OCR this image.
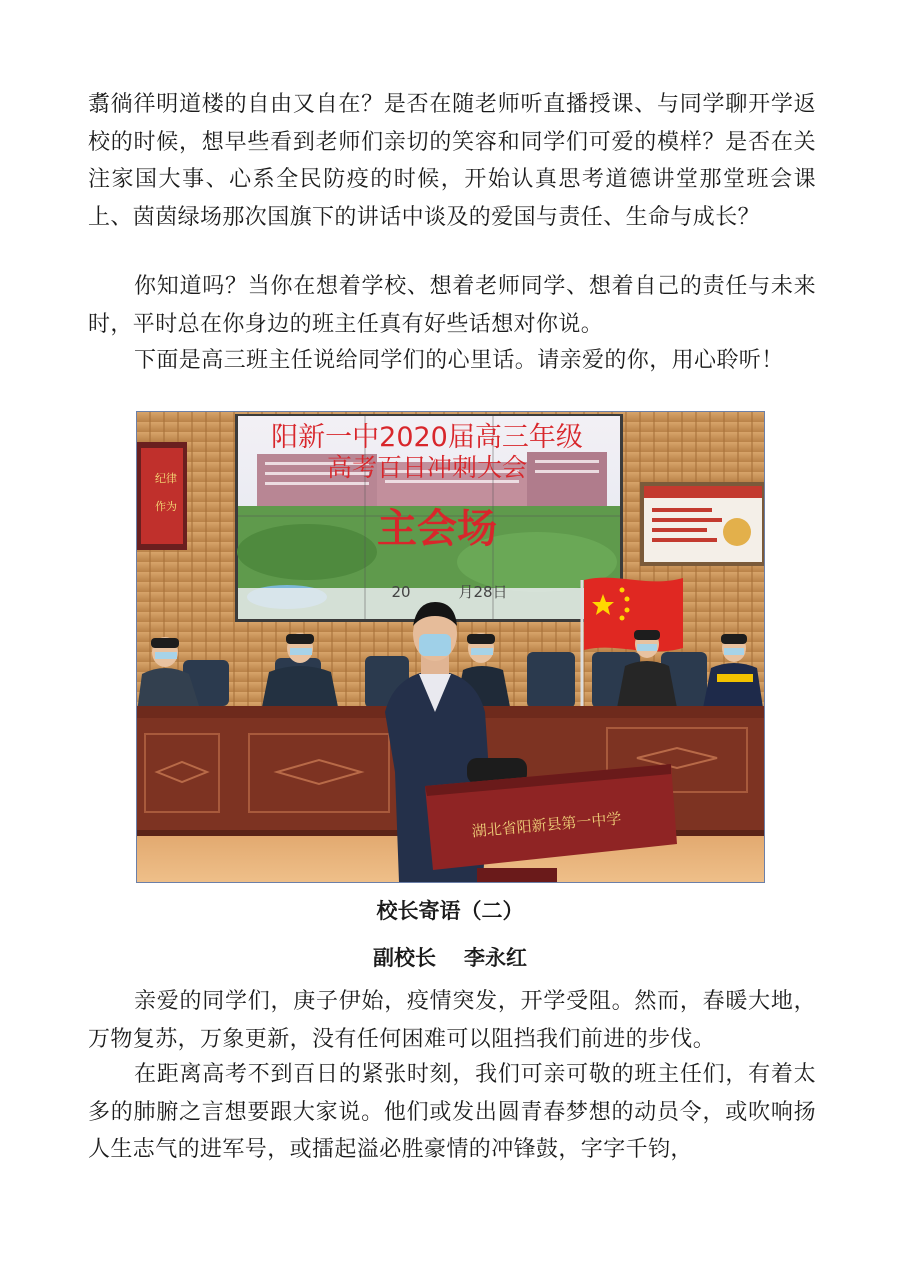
翥徜徉明道楼的自由又自在？是否在随老师听直播授课、与同学聊开学返校的时候，想早些看到老师们亲切的笑容和同学们可爱的模样？是否在关注家国大事、心系全民防疫的时候，开始认真思考道德讲堂那堂班会课上、茵茵绿场那次国旗下的讲话中谈及的爱国与责任、生命与成长？

你知道吗？当你在想着学校、想着老师同学、想着自己的责任与未来时，平时总在你身边的班主任真有好些话想对你说。

下面是高三班主任说给同学们的心里话。请亲爱的你，用心聆听！

纪律
作为
阳新一中2020届高三年级
高考百日冲刺大会
主会场
20	月28日
湖北省阳新县第一中学

校长寄语（二）

副校长 李永红

亲爱的同学们，庚子伊始，疫情突发，开学受阻。然而，春暖大地，万物复苏，万象更新，没有任何困难可以阻挡我们前进的步伐。

在距离高考不到百日的紧张时刻，我们可亲可敬的班主任们，有着太多的肺腑之言想要跟大家说。他们或发出圆青春梦想的动员令，或吹响扬人生志气的进军号，或擂起溢必胜豪情的冲锋鼓，字字千钧，
